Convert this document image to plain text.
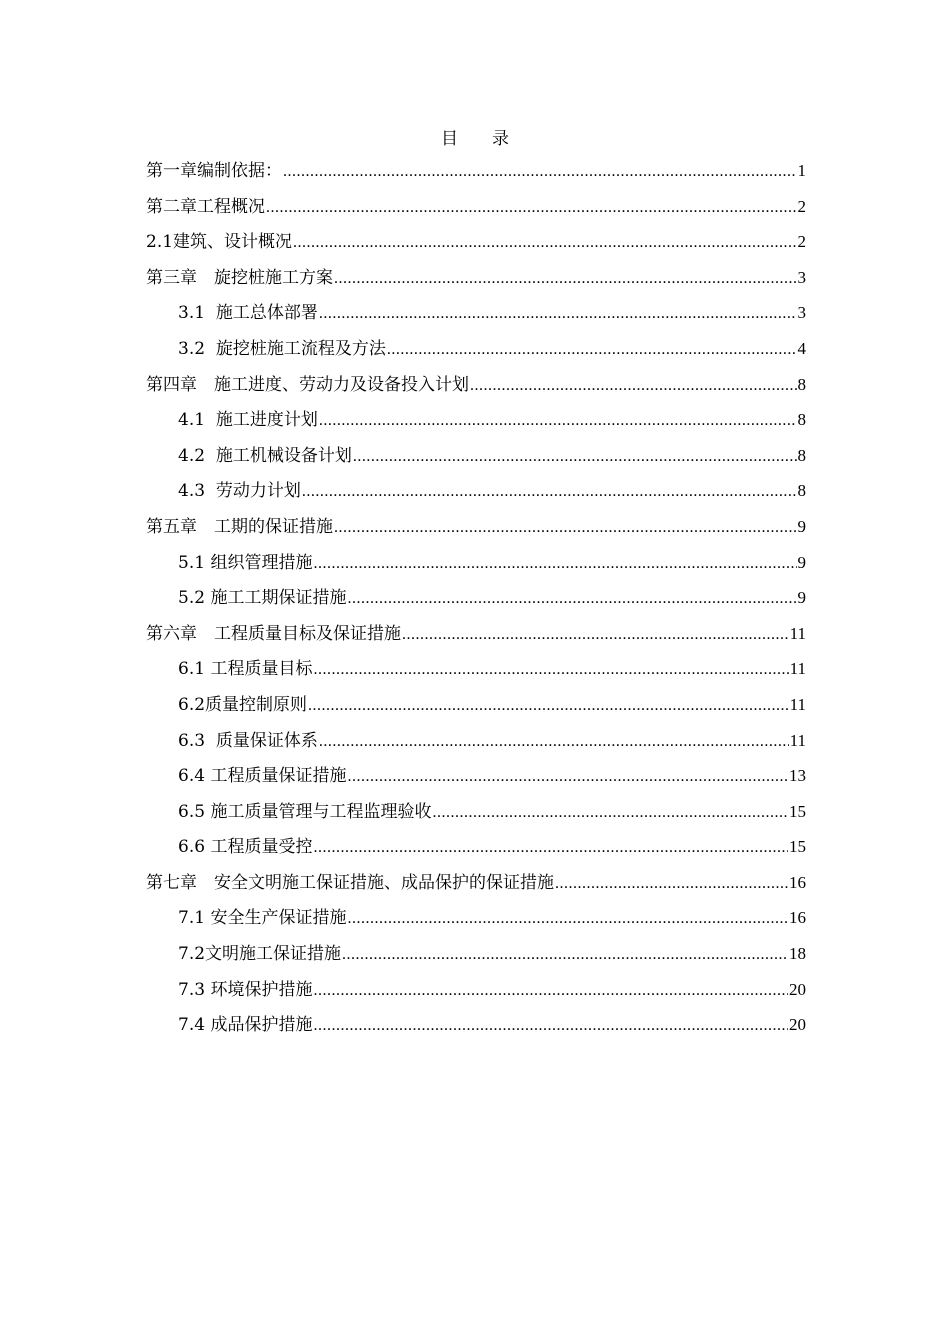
目　　录
第一章编制依据： .....	1
第二章工程概况 .....	2
2.1建筑、设计概况 .....	2
第三章　旋挖桩施工方案 .....	3
3.1  施工总体部署 .....	3
3.2  旋挖桩施工流程及方法 .....	4
第四章　施工进度、劳动力及设备投入计划 .....	8
4.1  施工进度计划 .....	8
4.2  施工机械设备计划 .....	8
4.3  劳动力计划 .....	8
第五章　工期的保证措施 .....	9
5.1 组织管理措施 .....	9
5.2 施工工期保证措施 .....	9
第六章　工程质量目标及保证措施 .....	11
6.1 工程质量目标 .....	11
6.2质量控制原则 .....	11
6.3  质量保证体系 .....	11
6.4 工程质量保证措施 .....	13
6.5 施工质量管理与工程监理验收 .....	15
6.6 工程质量受控 .....	15
第七章　安全文明施工保证措施、成品保护的保证措施 .....	16
7.1 安全生产保证措施 .....	16
7.2文明施工保证措施 .....	18
7.3 环境保护措施 .....	20
7.4 成品保护措施 .....	20
